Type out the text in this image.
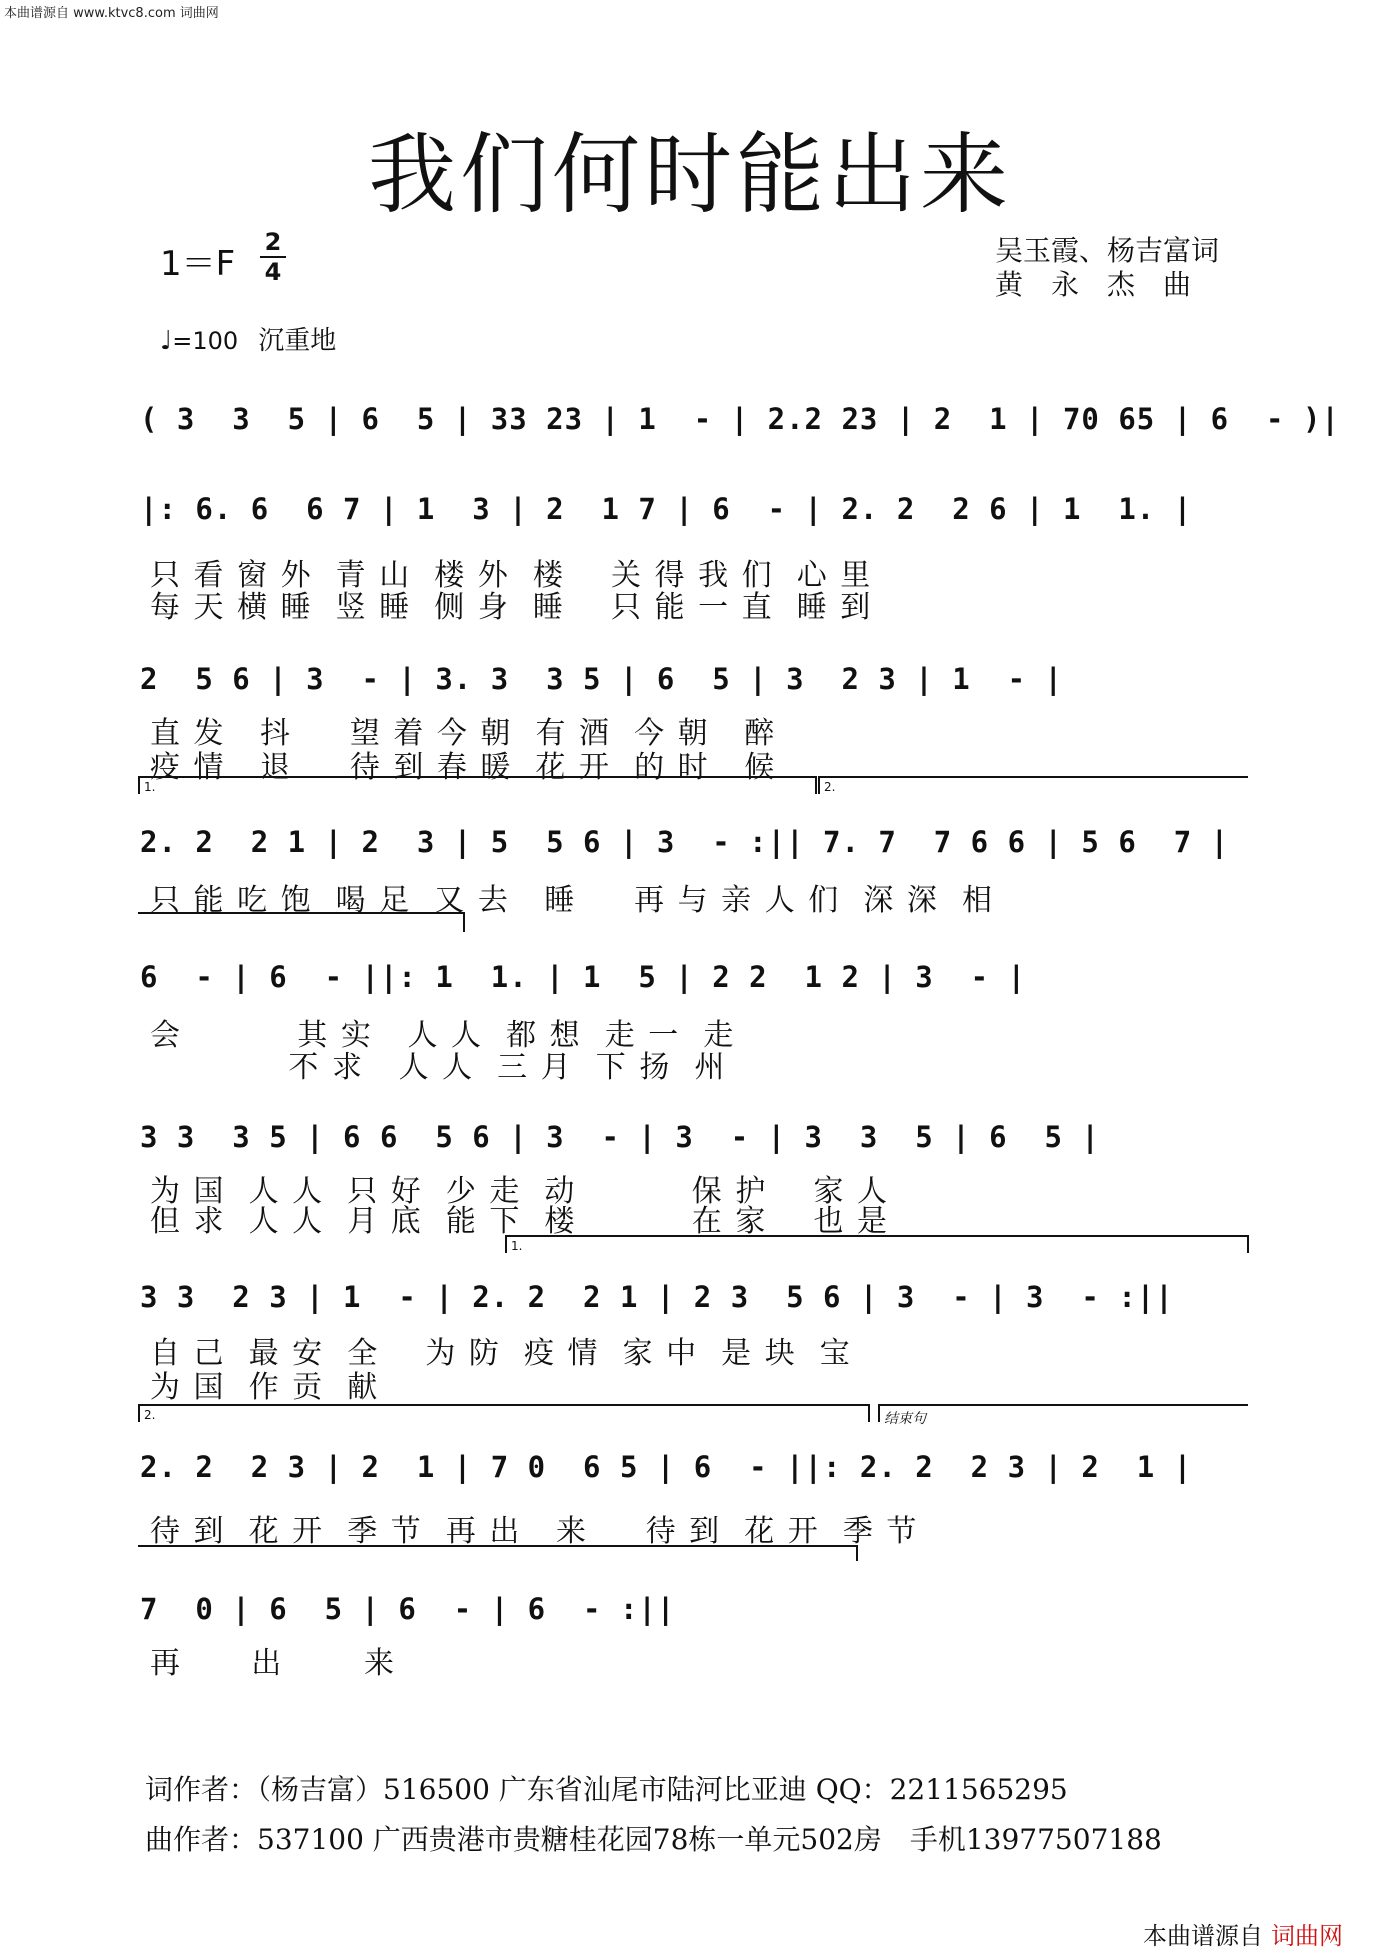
本曲谱源自 www.ktvc8.com 词曲网
我们何时能出来
1＝F
2
4
吴玉霞、杨吉富词
黄　永　杰　曲
♩=100 沉重地
( 3  3  5 | 6  5 | 33 23 | 1  - | 2.2 23 | 2  1 | 70 65 | 6  - )|
|: 6. 6  6 7 | 1  3 | 2  1 7 | 6  - | 2. 2  2 6 | 1  1. |
只 看 窗 外  青 山  楼 外  楼    关 得 我 们  心 里
每 天 横 睡  竖 睡  侧 身  睡    只 能 一 直  睡 到
2  5 6 | 3  - | 3. 3  3 5 | 6  5 | 3  2 3 | 1  - |
直 发   抖     望 着 今 朝  有 酒  今 朝   醉
疫 情   退     待 到 春 暖  花 开  的 时   候
1.	2.
2. 2  2 1 | 2  3 | 5  5 6 | 3  - :|| 7. 7  7 6 6 | 5 6  7 |
只 能 吃 饱  喝 足  又 去   睡     再 与 亲 人 们  深 深  相
6  - | 6  - ||: 1  1. | 1  5 | 2 2  1 2 | 3  - |
会          其 实   人 人  都 想  走 一  走
不 求   人 人  三 月  下 扬  州
3 3  3 5 | 6 6  5 6 | 3  - | 3  - | 3  3  5 | 6  5 |
为 国  人 人  只 好  少 走  动          保 护    家 人
但 求  人 人  月 底  能 下  楼          在 家    也 是
1.
3 3  2 3 | 1  - | 2. 2  2 1 | 2 3  5 6 | 3  - | 3  - :||
自 己  最 安  全    为 防  疫 情  家 中  是 块  宝
为 国  作 贡  献
2.	结束句
2. 2  2 3 | 2  1 | 7 0  6 5 | 6  - ||: 2. 2  2 3 | 2  1 |
待 到  花 开  季 节  再 出   来     待 到  花 开  季 节
7  0 | 6  5 | 6  - | 6  - :||
再      出       来
词作者：（杨吉富）516500 广东省汕尾市陆河比亚迪 QQ：2211565295
曲作者：537100 广西贵港市贵糖桂花园78栋一单元502房　手机13977507188
本曲谱源自 词曲网
